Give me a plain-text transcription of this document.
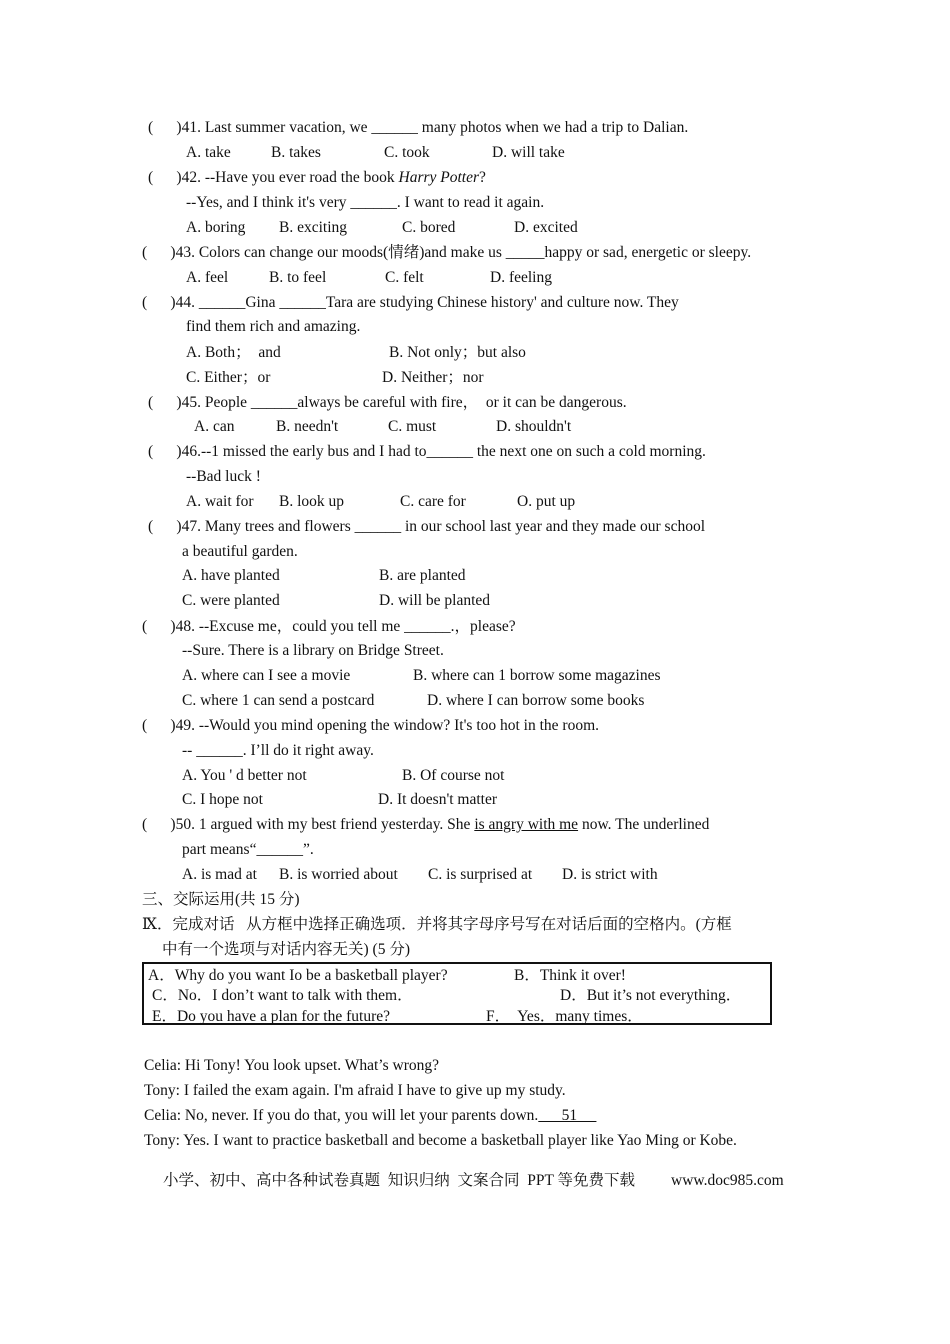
(      )41. Last summer vacation, we ______ many photos when we had a trip to Dalian.
A. take	B. takes	C. took	D. will take
(      )42. --Have you ever road the book Harry Potter?
--Yes, and I think it's very ______. I want to read it again.
A. boring B. exciting	C. bored	D. excited
(      )43. Colors can change our moods(情绪)and make us _____happy or sad, energetic or sleepy.
A. feel	B. to feel	C. felt	D. feeling
(      )44. ______Gina ______Tara are studying Chinese history' and culture now. They
find them rich and amazing.
A. Both；  and	B. Not only；but also
C. Either；or	D. Neither；nor
(      )45. People ______always be careful with fire，  or it can be dangerous.
A. can	B. needn't	C. must	D. shouldn't
(      )46.--1 missed the early bus and I had to______ the next one on such a cold morning.
--Bad luck !
A. wait for B. look up	C. care for	O. put up
(      )47. Many trees and flowers ______ in our school last year and they made our school
a beautiful garden.
A. have planted	B. are planted
C. were planted	D. will be planted
(      )48. --Excuse me，could you tell me ______.，please?
--Sure. There is a library on Bridge Street.
A. where can I see a movie	B. where can 1 borrow some magazines
C. where 1 can send a postcard	D. where I can borrow some books
(      )49. --Would you mind opening the window? It's too hot in the room.
-- ______. I’ll do it right away.
A. You ' d better not	B. Of course not
C. I hope not	D. It doesn't matter
(      )50. 1 argued with my best friend yesterday. She is angry with me now. The underlined
part means“______”.
A. is mad at B. is worried about C. is surprised at D. is strict with
三、交际运用(共 15 分)
Ⅸ．完成对话   从方框中选择正确选项．并将其字母序号写在对话后面的空格内。(方框
中有一个选项与对话内容无关) (5 分)
A．Why do you want Io be a basketball player?	B．Think it over!
C．No．I don’t want to talk with them．	D．But it’s not everything．
E．Do you have a plan for the future?	F．  Yes．many times．
Celia: Hi Tony! You look upset. What’s wrong?
Tony: I failed the exam again. I'm afraid I have to give up my study.
Celia: No, never. If you do that, you will let your parents down.      51
Tony: Yes. I want to practice basketball and become a basketball player like Yao Ming or Kobe.
小学、初中、高中各种试卷真题  知识归纳  文案合同  PPT 等免费下载 www.doc985.com
